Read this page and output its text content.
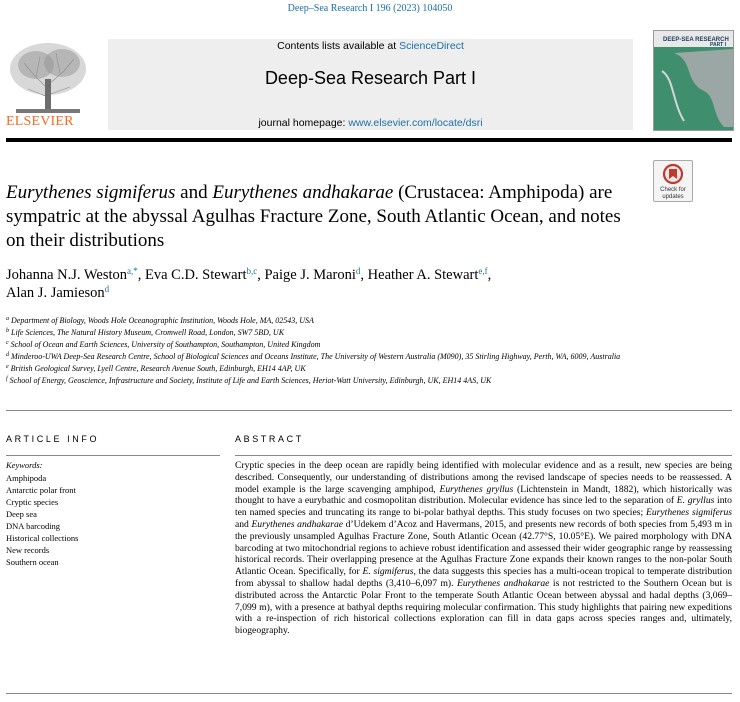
Deep–Sea Research I 196 (2023) 104050
ELSEVIER
Contents lists available at ScienceDirect
Deep-Sea Research Part I
journal homepage: www.elsevier.com/locate/dsri
DEEP-SEA RESEARCH
PART I
Check for updates
Eurythenes sigmiferus and Eurythenes andhakarae (Crustacea: Amphipoda) are sympatric at the abyssal Agulhas Fracture Zone, South Atlantic Ocean, and notes on their distributions
Johanna N.J. Weston$^{a,*}$, Eva C.D. Stewart$^{b,c}$, Paige J. Maroni$^d$, Heather A. Stewart$^{e,f}$,
Alan J. Jamieson$^d$
$^a$ Department of Biology, Woods Hole Oceanographic Institution, Woods Hole, MA, 02543, USA
$^b$ Life Sciences, The Natural History Museum, Cromwell Road, London, SW7 5BD, UK
$^c$ School of Ocean and Earth Sciences, University of Southampton, Southampton, United Kingdom
$^d$ Minderoo-UWA Deep-Sea Research Centre, School of Biological Sciences and Oceans Institute, The University of Western Australia (M090), 35 Stirling Highway, Perth, WA, 6009, Australia
$^e$ British Geological Survey, Lyell Centre, Research Avenue South, Edinburgh, EH14 4AP, UK
$^f$ School of Energy, Geoscience, Infrastructure and Society, Institute of Life and Earth Sciences, Heriot-Watt University, Edinburgh, UK, EH14 4AS, UK
ARTICLE INFO
Keywords:
Amphipoda
Antarctic polar front
Cryptic species
Deep sea
DNA barcoding
Historical collections
New records
Southern ocean
ABSTRACT
Cryptic species in the deep ocean are rapidly being identified with molecular evidence and as a result, new species are being described. Consequently, our understanding of distributions among the revised landscape of species needs to be reassessed. A model example is the large scavenging amphipod, Eurythenes gryllus (Lichtenstein in Mandt, 1882), which historically was thought to have a eurybathic and cosmopolitan distribution. Molecular evidence has since led to the separation of E. gryllus into ten named species and truncating its range to bi-polar bathyal depths. This study focuses on two species; Eurythenes sigmiferus and Eurythenes andhakarae d’Udekem d’Acoz and Havermans, 2015, and presents new records of both species from 5,493 m in the previously unsampled Agulhas Fracture Zone, South Atlantic Ocean (42.77°S, 10.05°E). We paired morphology with DNA barcoding at two mitochondrial regions to achieve robust identification and assessed their wider geographic range by reassessing historical records. Their overlapping presence at the Agulhas Fracture Zone expands their known ranges to the non-polar South Atlantic Ocean. Specifically, for E. sigmiferus, the data suggests this species has a multi-ocean tropical to temperate distribution from abyssal to shallow hadal depths (3,410–6,097 m). Eurythenes andhakarae is not restricted to the Southern Ocean but is distributed across the Antarctic Polar Front to the temperate South Atlantic Ocean between abyssal and hadal depths (3,069–7,099 m), with a presence at bathyal depths requiring molecular confirmation. This study highlights that pairing new expeditions with a re-inspection of rich historical collections exploration can fill in data gaps across species ranges and, ultimately, biogeography.
